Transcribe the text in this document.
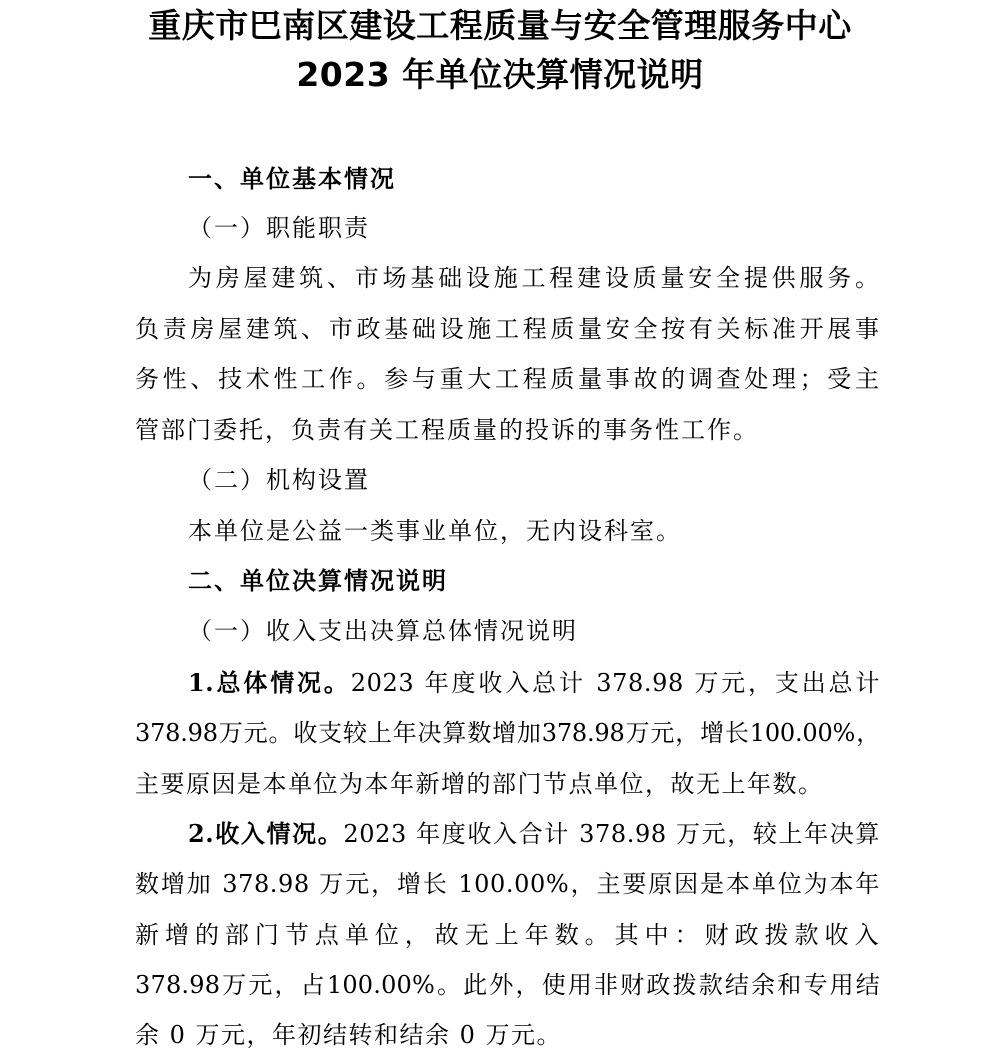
重庆市巴南区建设工程质量与安全管理服务中心
2023 年单位决算情况说明
一、单位基本情况
（一）职能职责
为房屋建筑、市场基础设施工程建设质量安全提供服务。
负责房屋建筑、市政基础设施工程质量安全按有关标准开展事
务性、技术性工作。参与重大工程质量事故的调查处理；受主
管部门委托，负责有关工程质量的投诉的事务性工作。
（二）机构设置
本单位是公益一类事业单位，无内设科室。
二、单位决算情况说明
（一）收入支出决算总体情况说明
1.总体情况。2023 年度收入总计 378.98 万元，支出总计
378.98万元。收支较上年决算数增加378.98万元，增长100.00%，
主要原因是本单位为本年新增的部门节点单位，故无上年数。
2.收入情况。2023 年度收入合计 378.98 万元，较上年决算
数增加 378.98 万元，增长 100.00%，主要原因是本单位为本年
新增的部门节点单位，故无上年数。其中：财政拨款收入
378.98万元，占100.00%。此外，使用非财政拨款结余和专用结
余 0 万元，年初结转和结余 0 万元。
